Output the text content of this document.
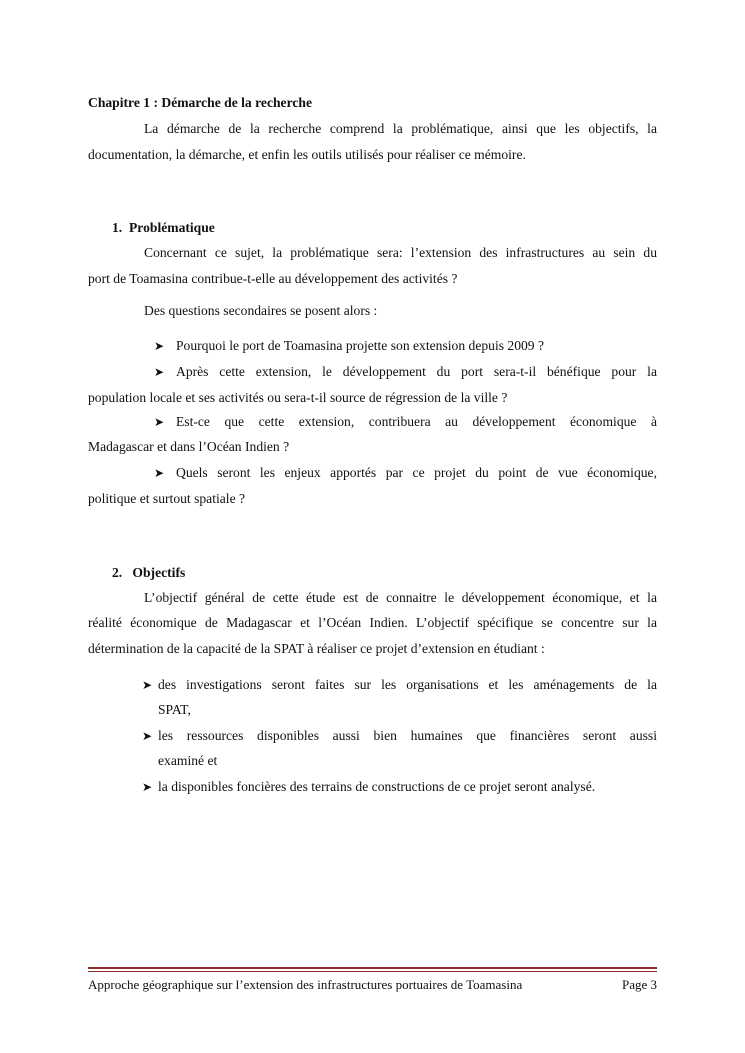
Chapitre 1 : Démarche de la recherche
La démarche de la recherche comprend la problématique, ainsi que les objectifs, la
documentation, la démarche, et enfin les outils utilisés pour réaliser ce mémoire.
1. Problématique
Concernant ce sujet, la problématique sera: l’extension des infrastructures au sein du
port de Toamasina contribue-t-elle au développement des activités ?
Des questions secondaires se posent alors :
➤ Pourquoi le port de Toamasina projette son extension depuis 2009 ?
➤ Après cette extension, le développement du port sera-t-il bénéfique pour la
population locale et ses activités ou sera-t-il source de régression de la ville ?
➤ Est-ce que cette extension, contribuera au développement économique à
Madagascar et dans l’Océan Indien ?
➤ Quels seront les enjeux apportés par ce projet du point de vue économique,
politique et surtout spatiale ?
2. Objectifs
L’objectif général de cette étude est de connaitre le développement économique, et la
réalité économique de Madagascar et l’Océan Indien. L’objectif spécifique se concentre sur la
détermination de la capacité de la SPAT à réaliser ce projet d’extension en étudiant :
➤ des investigations seront faites sur les organisations et les aménagements de la
SPAT,
➤ les ressources disponibles aussi bien humaines que financières seront aussi
examiné et
➤ la disponibles foncières des terrains de constructions de ce projet seront analysé.
Approche géographique sur l’extension des infrastructures portuaires de Toamasina	Page 3
